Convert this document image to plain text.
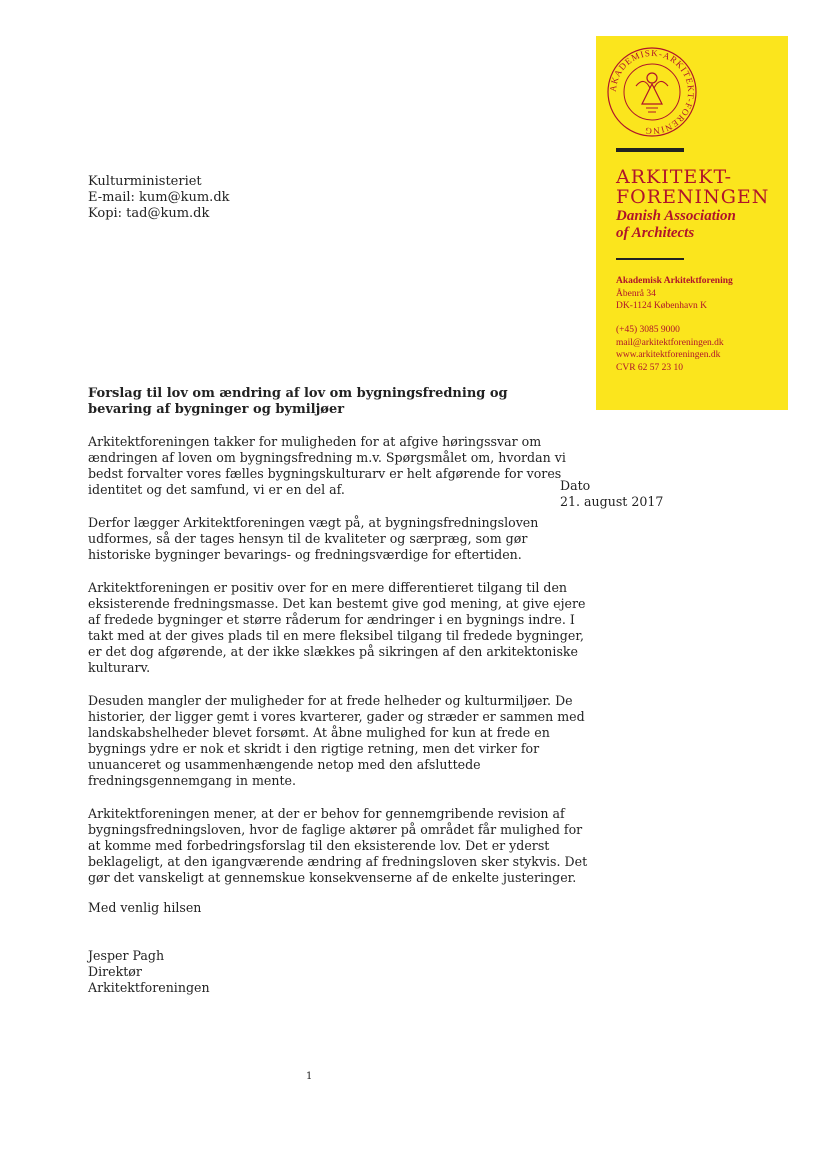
Kulturministeriet
E-mail: kum@kum.dk
Kopi: tad@kum.dk
AKADEMISK-ARKITEKT-FORENING
ARKITEKT-
FORENINGEN
Danish Association
of Architects
Akademisk Arkitektforening
Åbenrå 34
DK-1124 København K
(+45) 3085 9000
mail@arkitektforeningen.dk
www.arkitektforeningen.dk
CVR 62 57 23 10
Dato
21. august 2017
Forslag til lov om ændring af lov om bygningsfredning og
bevaring af bygninger og bymiljøer

Arkitektforeningen takker for muligheden for at afgive høringssvar om
ændringen af loven om bygningsfredning m.v. Spørgsmålet om, hvordan vi
bedst forvalter vores fælles bygningskulturarv er helt afgørende for vores
identitet og det samfund, vi er en del af.

Derfor lægger Arkitektforeningen vægt på, at bygningsfredningsloven
udformes, så der tages hensyn til de kvaliteter og særpræg, som gør
historiske bygninger bevarings- og fredningsværdige for eftertiden.

Arkitektforeningen er positiv over for en mere differentieret tilgang til den
eksisterende fredningsmasse. Det kan bestemt give god mening, at give ejere
af fredede bygninger et større råderum for ændringer i en bygnings indre. I
takt med at der gives plads til en mere fleksibel tilgang til fredede bygninger,
er det dog afgørende, at der ikke slækkes på sikringen af den arkitektoniske
kulturarv.

Desuden mangler der muligheder for at frede helheder og kulturmiljøer. De
historier, der ligger gemt i vores kvarterer, gader og stræder er sammen med
landskabshelheder blevet forsømt. At åbne mulighed for kun at frede en
bygnings ydre er nok et skridt i den rigtige retning, men det virker for
unuanceret og usammenhængende netop med den afsluttede
fredningsgennemgang in mente.

Arkitektforeningen mener, at der er behov for gennemgribende revision af
bygningsfredningsloven, hvor de faglige aktører på området får mulighed for
at komme med forbedringsforslag til den eksisterende lov. Det er yderst
beklageligt, at den igangværende ændring af fredningsloven sker stykvis. Det
gør det vanskeligt at gennemskue konsekvenserne af de enkelte justeringer.

Med venlig hilsen
Jesper Pagh
Direktør
Arkitektforeningen
1
